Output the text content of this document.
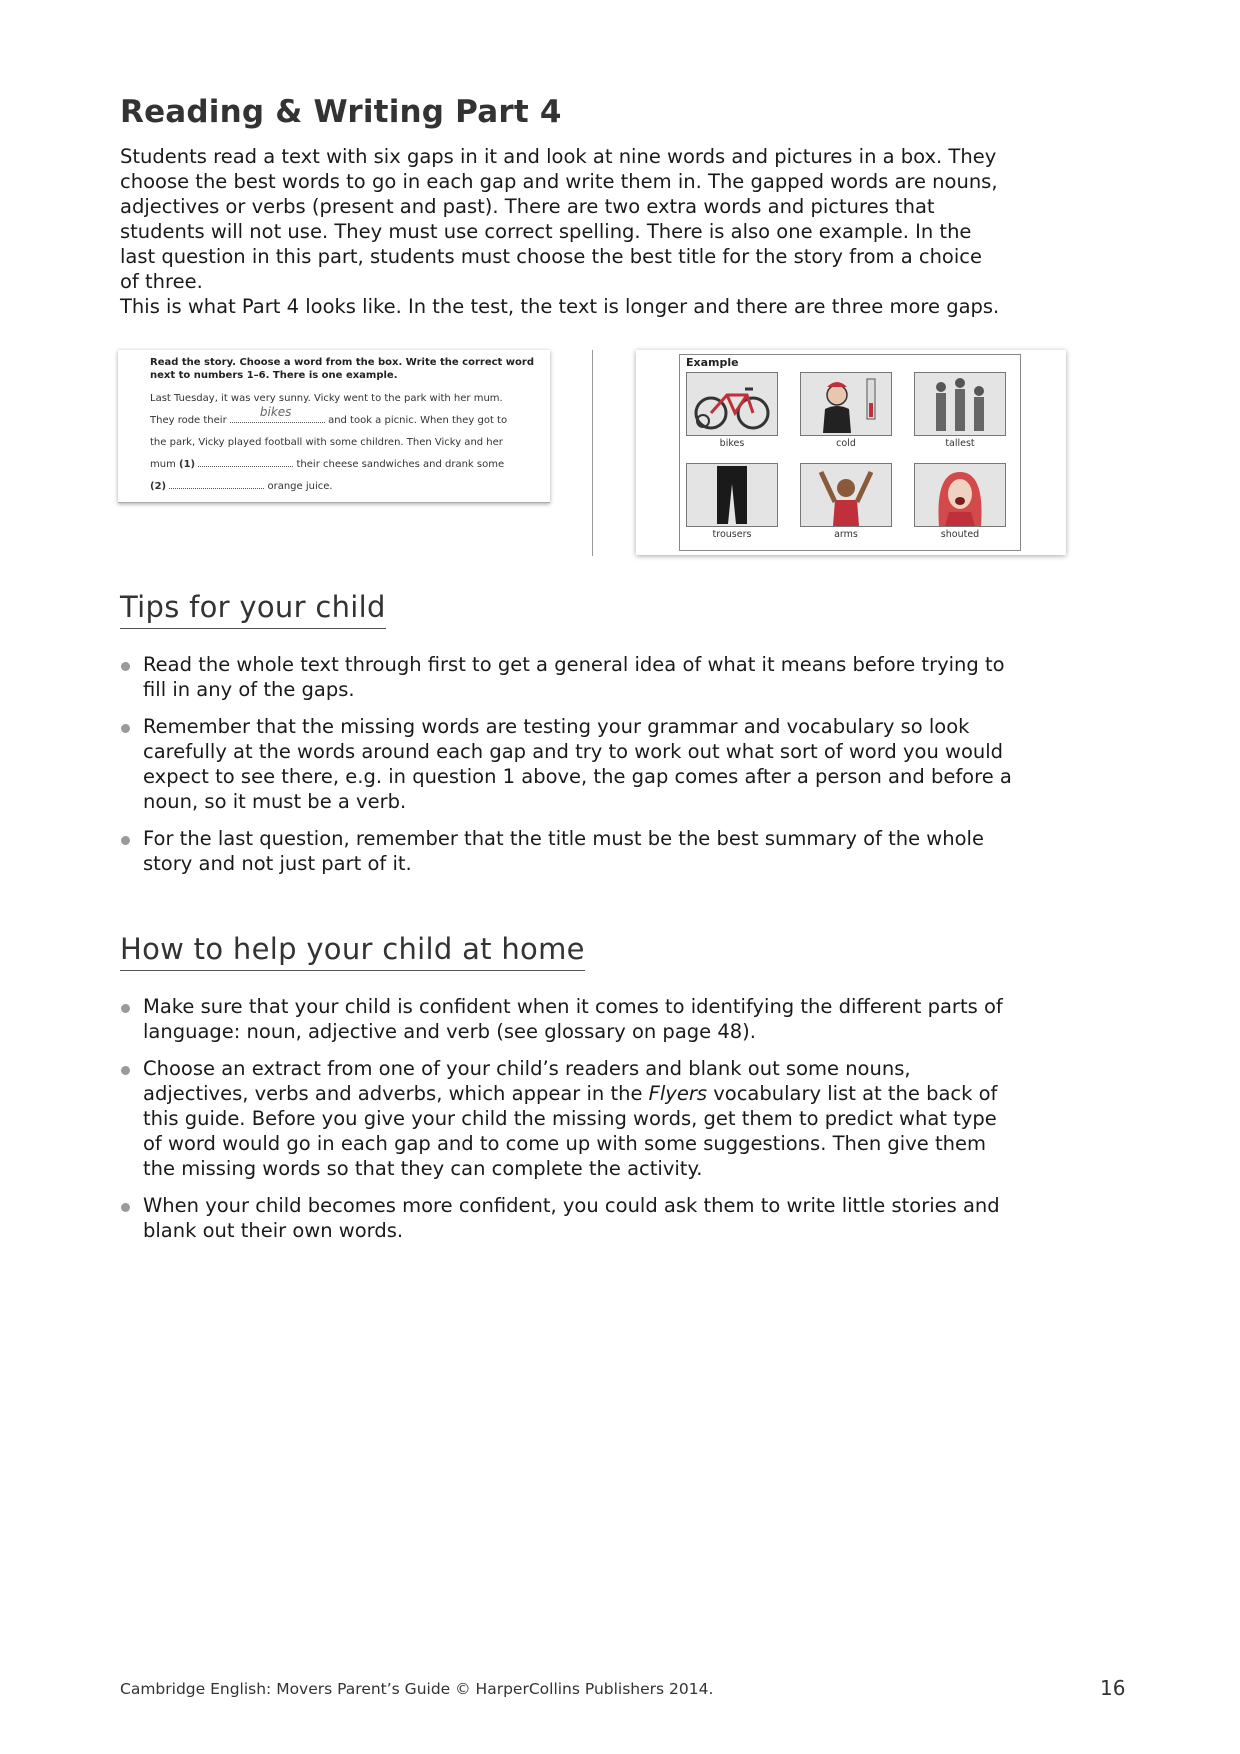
Reading & Writing Part 4

Students read a text with six gaps in it and look at nine words and pictures in a box. They choose the best words to go in each gap and write them in. The gapped words are nouns, adjectives or verbs (present and past). There are two extra words and pictures that students will not use. They must use correct spelling. There is also one example. In the last question in this part, students must choose the best title for the story from a choice of three.

This is what Part 4 looks like. In the test, the text is longer and there are three more gaps.

Read the story. Choose a word from the box. Write the correct word next to numbers 1–6. There is one example.
Last Tuesday, it was very sunny. Vicky went to the park with her mum.
They rode their
bikes
and took a picnic. When they got to
the park, Vicky played football with some children. Then Vicky and her
mum (1)	their cheese sandwiches and drank some
(2)	orange juice.
Example
bikes	cold	tallest
trousers	arms	shouted
Tips for your child
Read the whole text through first to get a general idea of what it means before trying to fill in any of the gaps.
Remember that the missing words are testing your grammar and vocabulary so look carefully at the words around each gap and try to work out what sort of word you would expect to see there, e.g. in question 1 above, the gap comes after a person and before a noun, so it must be a verb.
For the last question, remember that the title must be the best summary of the whole story and not just part of it.
How to help your child at home
Make sure that your child is confident when it comes to identifying the different parts of language: noun, adjective and verb (see glossary on page 48).
Choose an extract from one of your child’s readers and blank out some nouns, adjectives, verbs and adverbs, which appear in the Flyers vocabulary list at the back of this guide. Before you give your child the missing words, get them to predict what type of word would go in each gap and to come up with some suggestions. Then give them the missing words so that they can complete the activity.
When your child becomes more confident, you could ask them to write little stories and blank out their own words.
Cambridge English: Movers Parent’s Guide © HarperCollins Publishers 2014.	16
